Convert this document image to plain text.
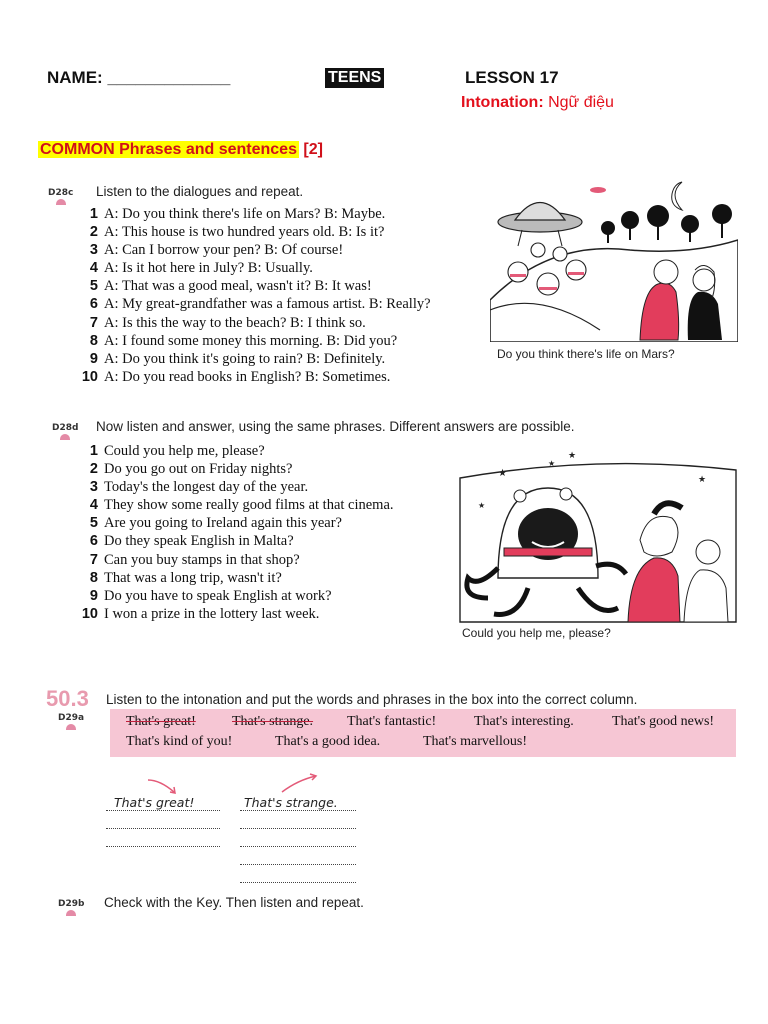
NAME: _____________	TEENS	LESSON 17
Intonation: Ngữ điệu
COMMON Phrases and sentences [2]
D28c Listen to the dialogues and repeat.
1 A: Do you think there's life on Mars? B: Maybe.
2 A: This house is two hundred years old. B: Is it?
3 A: Can I borrow your pen? B: Of course!
4 A: Is it hot here in July? B: Usually.
5 A: That was a good meal, wasn't it? B: It was!
6 A: My great-grandfather was a famous artist. B: Really?
7 A: Is this the way to the beach? B: I think so.
8 A: I found some money this morning. B: Did you?
9 A: Do you think it's going to rain? B: Definitely.
10 A: Do you read books in English? B: Sometimes.
Do you think there's life on Mars?
D28d Now listen and answer, using the same phrases. Different answers are possible.
1 Could you help me, please?
2 Do you go out on Friday nights?
3 Today's the longest day of the year.
4 They show some really good films at that cinema.
5 Are you going to Ireland again this year?
6 Do they speak English in Malta?
7 Can you buy stamps in that shop?
8 That was a long trip, wasn't it?
9 Do you have to speak English at work?
10 I won a prize in the lottery last week.
★
★
★
★
★
Could you help me, please?
50.3 Listen to the intonation and put the words and phrases in the box into the correct column.
D29a	That's great!	That's strange. That's fantastic!	That's interesting.	That's good news!
That's kind of you!	That's a good idea.	That's marvellous!
That's great!	That's strange.
D29b Check with the Key. Then listen and repeat.
